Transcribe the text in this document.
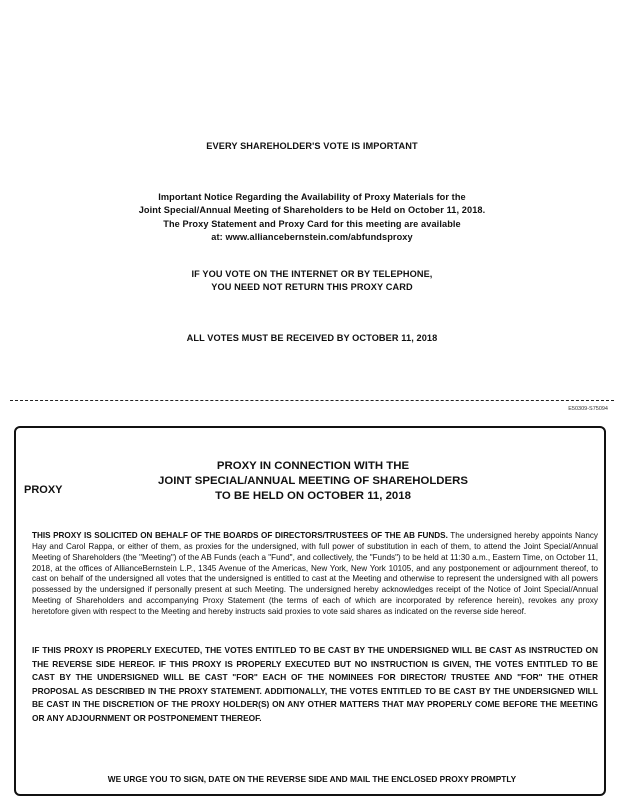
EVERY SHAREHOLDER'S VOTE IS IMPORTANT
Important Notice Regarding the Availability of Proxy Materials for the
Joint Special/Annual Meeting of Shareholders to be Held on October 11, 2018.
The Proxy Statement and Proxy Card for this meeting are available
at: www.alliancebernstein.com/abfundsproxy
IF YOU VOTE ON THE INTERNET OR BY TELEPHONE,
YOU NEED NOT RETURN THIS PROXY CARD
ALL VOTES MUST BE RECEIVED BY OCTOBER 11, 2018
E50309-S75094
PROXY
PROXY IN CONNECTION WITH THE
JOINT SPECIAL/ANNUAL MEETING OF SHAREHOLDERS
TO BE HELD ON OCTOBER 11, 2018
THIS PROXY IS SOLICITED ON BEHALF OF THE BOARDS OF DIRECTORS/TRUSTEES OF THE AB FUNDS. The undersigned hereby appoints Nancy Hay and Carol Rappa, or either of them, as proxies for the undersigned, with full power of substitution in each of them, to attend the Joint Special/Annual Meeting of Shareholders (the "Meeting") of the AB Funds (each a "Fund", and collectively, the "Funds") to be held at 11:30 a.m., Eastern Time, on October 11, 2018, at the offices of AllianceBernstein L.P., 1345 Avenue of the Americas, New York, New York 10105, and any postponement or adjournment thereof, to cast on behalf of the undersigned all votes that the undersigned is entitled to cast at the Meeting and otherwise to represent the undersigned with all powers possessed by the undersigned if personally present at such Meeting. The undersigned hereby acknowledges receipt of the Notice of Joint Special/Annual Meeting of Shareholders and accompanying Proxy Statement (the terms of each of which are incorporated by reference herein), revokes any proxy heretofore given with respect to the Meeting and hereby instructs said proxies to vote said shares as indicated on the reverse side hereof.
IF THIS PROXY IS PROPERLY EXECUTED, THE VOTES ENTITLED TO BE CAST BY THE UNDERSIGNED WILL BE CAST AS INSTRUCTED ON THE REVERSE SIDE HEREOF. IF THIS PROXY IS PROPERLY EXECUTED BUT NO INSTRUCTION IS GIVEN, THE VOTES ENTITLED TO BE CAST BY THE UNDERSIGNED WILL BE CAST "FOR" EACH OF THE NOMINEES FOR DIRECTOR/ TRUSTEE AND "FOR" THE OTHER PROPOSAL AS DESCRIBED IN THE PROXY STATEMENT. ADDITIONALLY, THE VOTES ENTITLED TO BE CAST BY THE UNDERSIGNED WILL BE CAST IN THE DISCRETION OF THE PROXY HOLDER(S) ON ANY OTHER MATTERS THAT MAY PROPERLY COME BEFORE THE MEETING OR ANY ADJOURNMENT OR POSTPONEMENT THEREOF.
WE URGE YOU TO SIGN, DATE ON THE REVERSE SIDE AND MAIL THE ENCLOSED PROXY PROMPTLY
